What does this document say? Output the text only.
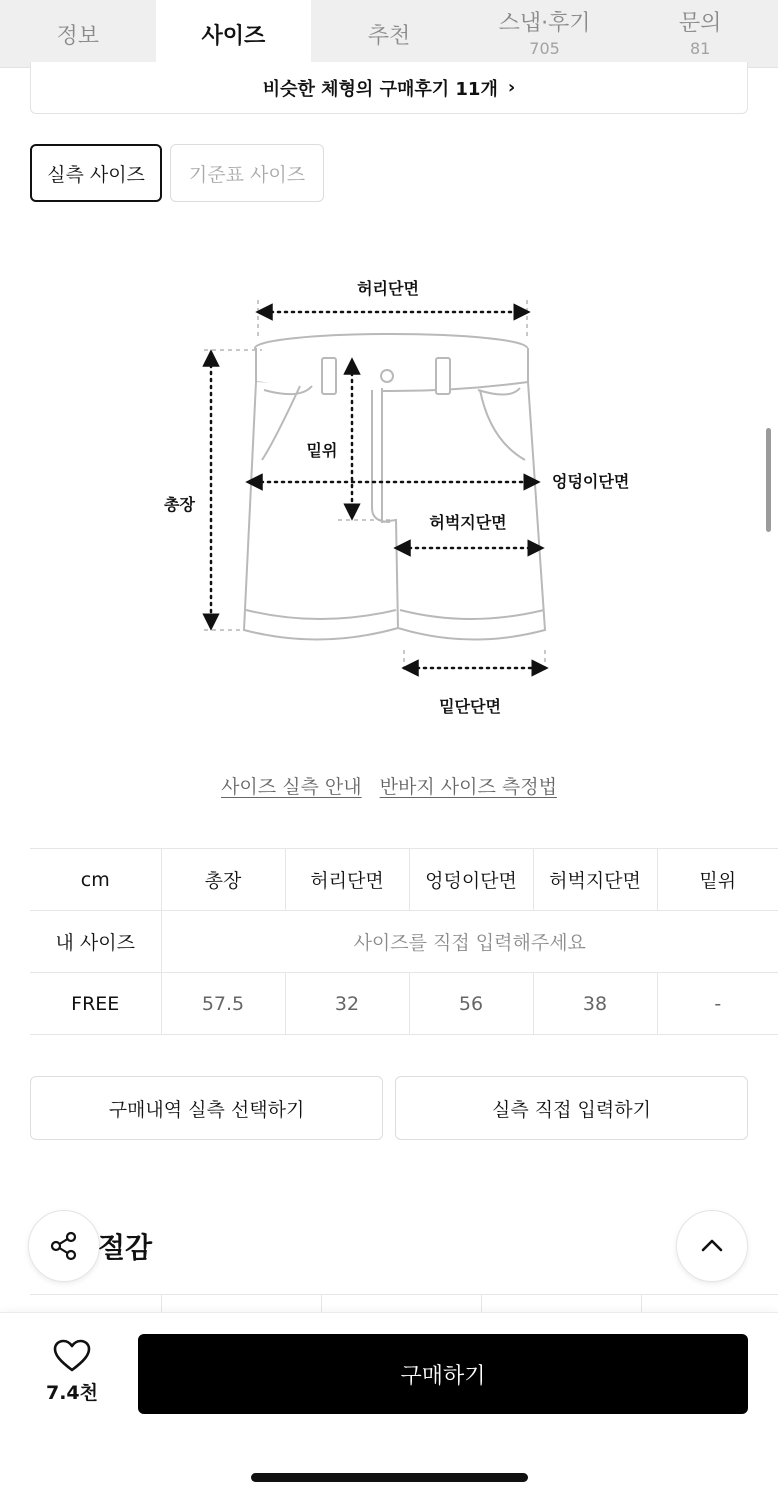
정보	사이즈	추천	스냅·후기
705
문의
81
비슷한 체형의 구매후기 11개 ›
실측 사이즈	기준표 사이즈
허리단면
밑위
엉덩이단면
총장
허벅지단면
밑단단면
사이즈 실측 안내 반바지 사이즈 측정법
cm	총장	허리단면	엉덩이단면	허벅지단면	밑위
내 사이즈	사이즈를 직접 입력해주세요				
FREE	57.5	32	56	38	-
구매내역 실측 선택하기	실측 직접 입력하기
절감
7.4천
구매하기
